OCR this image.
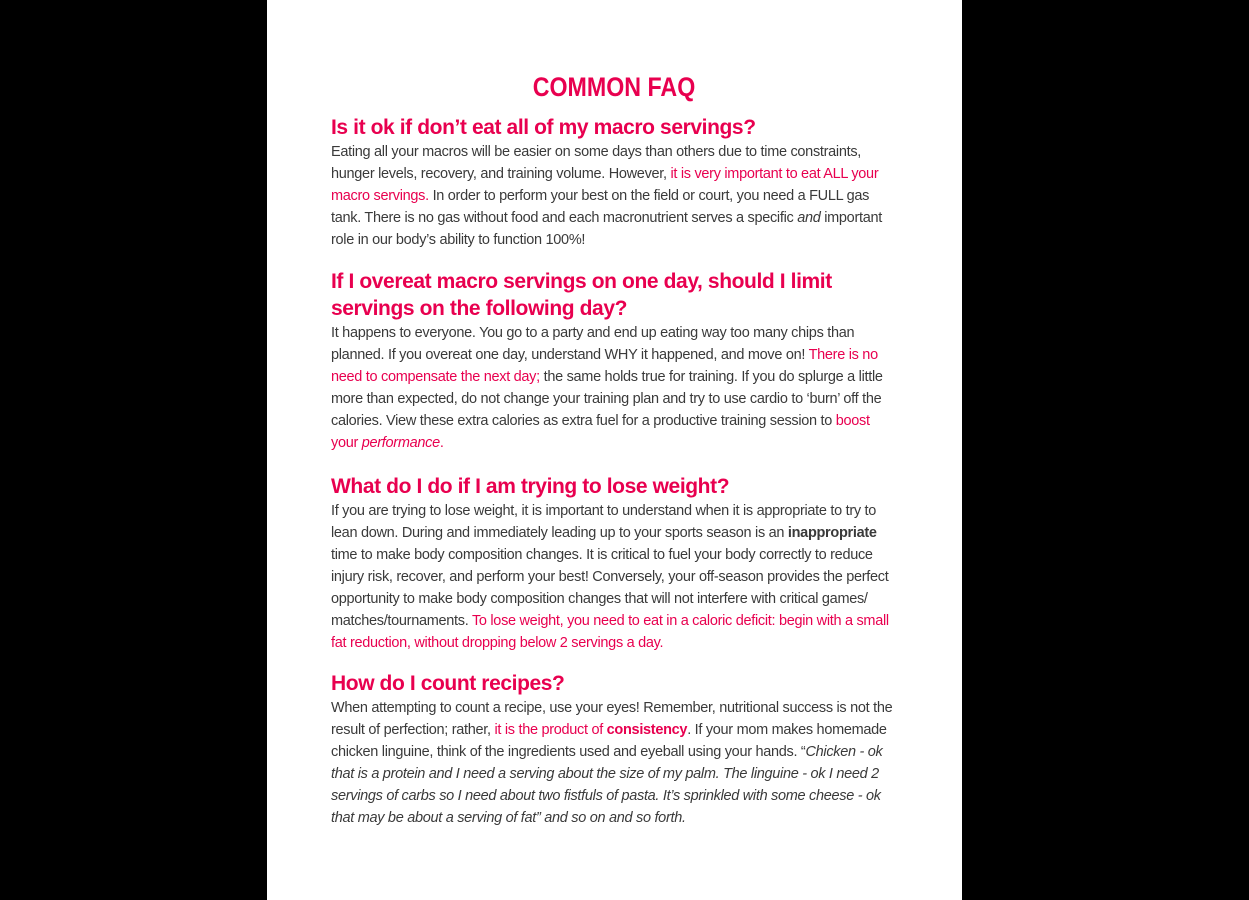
COMMON FAQ
Is it ok if don’t eat all of my macro servings?

Eating all your macros will be easier on some days than others due to time constraints, hunger levels, recovery, and training volume. However, it is very important to eat ALL your macro servings. In order to perform your best on the field or court, you need a FULL gas tank. There is no gas without food and each macronutrient serves a specific and important role in our body’s ability to function 100%!

If I overeat macro servings on one day, should I limit servings on the following day?

It happens to everyone. You go to a party and end up eating way too many chips than planned. If you overeat one day, understand WHY it happened, and move on! There is no need to compensate the next day; the same holds true for training. If you do splurge a little more than expected, do not change your training plan and try to use cardio to ‘burn’ off the calories. View these extra calories as extra fuel for a productive training session to boost your performance.

What do I do if I am trying to lose weight?

If you are trying to lose weight, it is important to understand when it is appropriate to try to lean down. During and immediately leading up to your sports season is an inappropriate time to make body composition changes. It is critical to fuel your body correctly to reduce injury risk, recover, and perform your best! Conversely, your off-season provides the perfect opportunity to make body composition changes that will not interfere with critical games/ matches/tournaments. To lose weight, you need to eat in a caloric deficit: begin with a small fat reduction, without dropping below 2 servings a day.

How do I count recipes?

When attempting to count a recipe, use your eyes! Remember, nutritional success is not the result of perfection; rather, it is the product of consistency. If your mom makes homemade chicken linguine, think of the ingredients used and eyeball using your hands. “Chicken - ok that is a protein and I need a serving about the size of my palm. The linguine - ok I need 2 servings of carbs so I need about two fistfuls of pasta. It’s sprinkled with some cheese - ok that may be about a serving of fat” and so on and so forth.
